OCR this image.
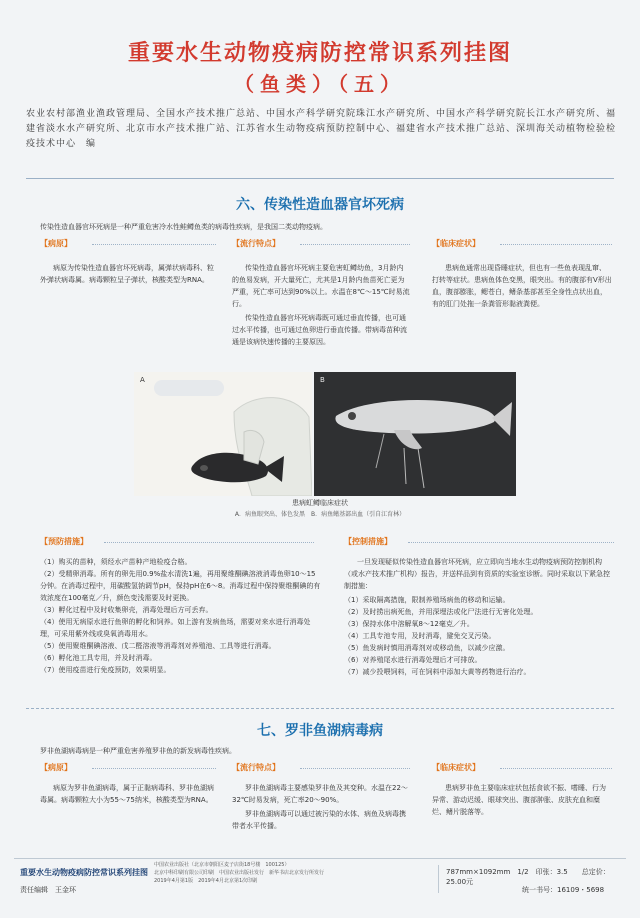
重要水生动物疫病防控常识系列挂图
（鱼类）（五）
农业农村部渔业渔政管理局、全国水产技术推广总站、中国水产科学研究院珠江水产研究所、中国水产科学研究院长江水产研究所、福建省淡水水产研究所、北京市水产技术推广站、江苏省水生动物疫病预防控制中心、福建省水产技术推广总站、深圳海关动植物检验检疫技术中心　编
六、传染性造血器官坏死病
传染性造血器官坏死病是一种严重危害冷水性鲑鳟鱼类的病毒性疾病，是我国二类动物疫病。
【病原】

病原为传染性造血器官坏死病毒，属弹状病毒科、粒外弹状病毒属。病毒颗粒呈子弹状，核酸类型为RNA。

【流行特点】

传染性造血器官坏死病主要危害虹鳟幼鱼，3月龄内的鱼易发病，开大量死亡，尤其是1月龄内鱼苗死亡更为严重，死亡率可达到90%以上。水温在8℃～15℃时易流行。

传染性造血器官坏死病毒既可通过垂直传播，也可通过水平传播，也可通过鱼卵进行垂直传播。带病毒苗种流通是该病快速传播的主要原因。

【临床症状】

患病鱼通常出现昏睡症状，但也有一些鱼表现乱窜、打转等症状。患病鱼体色变黑，眼突出。有的腹部有V形出血，腹部膨胀，鳃苍白，鳍条基部甚至全身性点状出血，有的肛门处拖一条粪管形黏液粪便。

A	B
患病虹鳟临床症状
A．病鱼眼突出、体色发黑　B．病鱼鳍基部出血（引自江育林）
【预防措施】

（1）购买的苗种，须经水产苗种产地检疫合格。

（2）受精卵消毒。所有的卵先用0.9%盐水清洗1遍，再用聚维酮碘溶液消毒鱼卵10～15分钟。在消毒过程中，用碳酸氢钠调节pH，保持pH在6～8。消毒过程中保持聚维酮碘的有效浓度在100毫克／升，颜色变浅需要及时更换。

（3）孵化过程中及时收集卵壳，消毒处理后方可丢弃。

（4）使用无病原水进行鱼卵的孵化和饲养。如上游有发病鱼场，需要对来水进行消毒处理，可采用紫外线或臭氧消毒用水。

（5）使用聚维酮碘溶液、戊二醛溶液等消毒剂对养殖池、工具等进行消毒。

（6）孵化池工具专用，并及时消毒。

（7）使用疫苗进行免疫预防，效果明显。

【控制措施】

一旦发现疑似传染性造血器官坏死病，应立即向当地水生动物疫病预防控制机构（或水产技术推广机构）报告，并送样品到有资质的实验室诊断。同时采取以下紧急控制措施：

（1）采取隔离措施，限制养殖场病鱼的移动和运输。

（2）及时捞出病死鱼，并用深埋法或化尸法进行无害化处理。

（3）保持水体中溶解氧8～12毫克／升。

（4）工具专池专用，及时消毒，避免交叉污染。

（5）鱼发病时慎用消毒剂对或移动鱼，以减少应激。

（6）对养殖尾水进行消毒处理后才可排放。

（7）减少投喂饲料，可在饲料中添加大黄等药物进行治疗。

七、罗非鱼湖病毒病
罗非鱼湖病毒病是一种严重危害养殖罗非鱼的新发病毒性疾病。
【病原】

病原为罗非鱼湖病毒，属于正黏病毒科、罗非鱼湖病毒属。病毒颗粒大小为55～75纳米，核酸类型为RNA。

【流行特点】

罗非鱼湖病毒主要感染罗非鱼及其变种。水温在22～32℃时易发病，死亡率20～90%。

罗非鱼湖病毒可以通过被污染的水体、病鱼及病毒携带者水平传播。

【临床症状】

患病罗非鱼主要临床症状包括食欲不振、嗜睡、行为异常、游动迟缓、眼球突出、腹部肿胀、皮肤充血和糜烂、鳍片脱落等。

重要水生动物疫病防控常识系列挂图
责任编辑　王金环
中国农业出版社（北京市朝阳区麦子店街18号楼　100125）
北京中科印刷有限公司印刷　中国农业出版社发行　新华书店北京发行所发行
2019年4月第1版　2019年4月北京第1次印刷
787mm×1092mm　1/2　印张：3.5　　总定价：25.00元
统一书号：16109・5698
